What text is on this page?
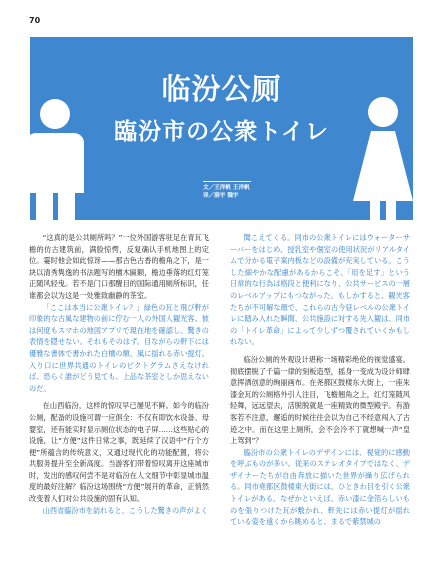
70
临汾公厕
臨汾市の公衆トイレ
文／王洋帆 王洋帆
译／薛宇 魏宇

“这真的是公共厕所吗？”一位外国游客驻足在青瓦飞檐的仿古建筑前，满脸惊愕，反复确认手机地图上的定位。霎时他会如此惊讶——那古色古香的檐角之下，是一块以清秀隽逸的书法题写的檀木匾额，檐边垂落的红灯笼正随风轻曳。若不是门口那醒目的国际通用厕所标识，任谁都会以为这是一处雅致幽静的茶室。

「ここは本当に公衆トイレ？」緑色の瓦と飛び軒が印象的な古風な建物の前に佇む一人の外国人観光客。彼は何度もスマホの地図アプリで現在地を確認し、驚きの表情を隠せない。それもそのはず。目ながらの軒下には優雅な書体で書かれた白檀の額、風に揺れる赤い提灯。入り口に世界共通のトイレのピクトグラムさえなければ、恐らく誰がどう見ても、上品な茶室としか思えないのだ。

在山西临汾，这样的惊叹早已屡见不鲜。如今的临汾公厕，配备的设施可谓一应俱全：不仅有即饮水设备、母婴室，还有能实时显示厕位状态的电子屏……这些贴心的设施，让“方便”这件日常之事，既延续了汉语中“行个方便”所蕴含的传统意义，又通过现代化的功能配置，将公共服务提升至全新高度。当游客们带着惊叹离开这座城市时，发出的感叹何尝不是对临汾在人文细节中彰显城市温度的最好注解？临汾这场围绕“方便”展开的革命，正悄然改变着人们对公共设施的固有认知。

山西省臨汾市を訪れると、こうした驚きの声がよく

聞こえてくる。同市の公衆トイレにはウォーターサーバーをはじめ、授乳室や個室の使用状況がリアルタイムで分かる電子案内板などの設備が充実している。こうした細やかな配慮があるからこそ、「用を足す」という日常的な行為は格段と便利になり、公共サービスの一層のレベルアップにもつながった。もしかすると、観光客たちが不可解な顔で、これらの古今昼レベルの公衆トイレに踏み入れた瞬間、公共施設に対する先入観は、同市の「トイレ革命」によって少しずつ覆されていくかもしれない。

临汾公厕的外观设计堪称一场精彩绝伦的视觉盛宴。彻底摆脱了千篇一律的刻板造型，摇身一变成为设计师肆意挥洒创意的绚丽画布。在尧都区鼓楼东大街上，一座朱漆金瓦的公厕格外引人注目，飞檐翘角之上，红灯笼随风轻舞，远远望去，活脱脱就是一座精致的微型殿宇。有游客若不注意，邂逅的时候往往会以为自己不经意闯入了古迹之中。而在这里上厕所，会不会冷不丁就想喊一声“皇上驾到”？

臨汾市の公衆トイレのデザインには、視覚的に感動を呼ぶものが多い。従来のステレオタイプではなく、デザイナーたちが自由奔放に描いた世界が繰り広げられる。同市堯都区鼓楼東大街には、ひときわ目を引く公衆トイレがある。なぜかといえば、赤い漆に金箔らしいものを張りつけた瓦が敷かれ、軒先には赤い提灯が揺れている姿を遠くから眺めると、まるで紫禁城の
